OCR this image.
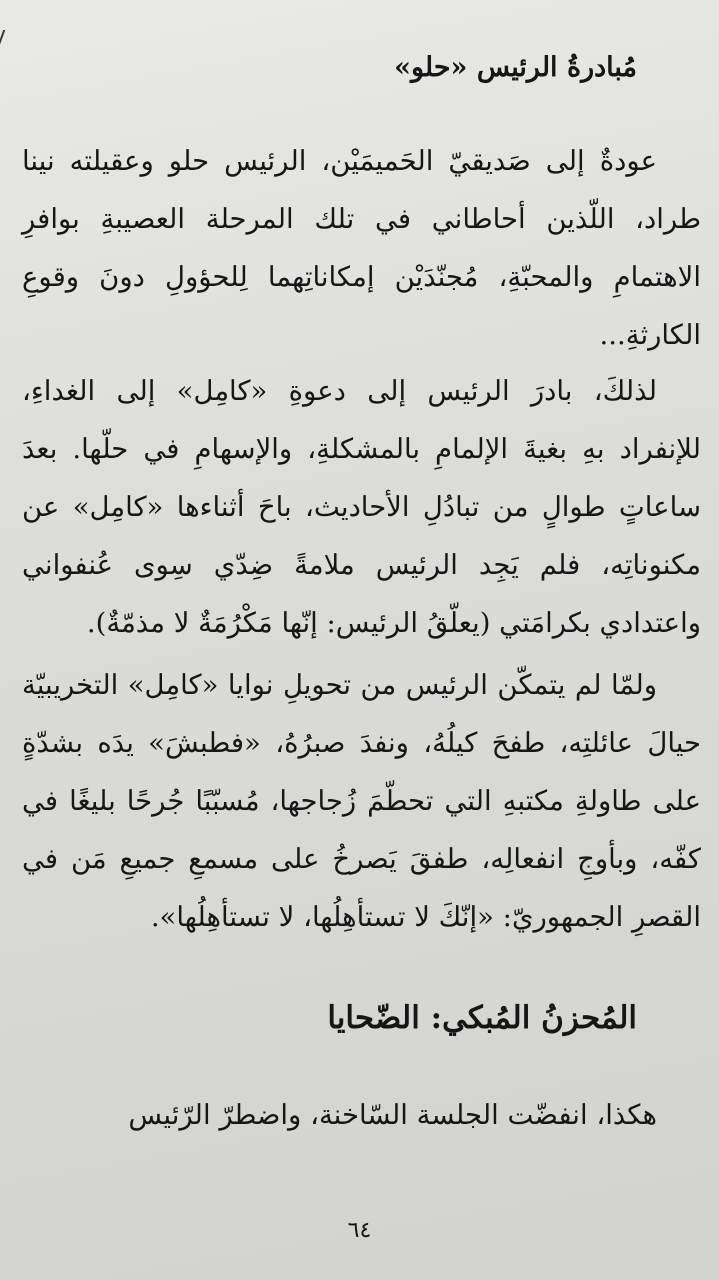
مُبادرةُ الرئيس «حلو»

عودةٌ إلى صَديقيّ الحَميمَيْن، الرئيس حلو وعقيلته نينا طراد، اللّذين أحاطاني في تلك المرحلة العصيبةِ بوافرِ الاهتمامِ والمحبّةِ، مُجنّدَيْن إمكاناتِهما لِلحؤولِ دونَ وقوعِ الكارثةِ...

لذلكَ، بادرَ الرئيس إلى دعوةِ «كامِل» إلى الغداءِ، للإنفراد بهِ بغيةَ الإلمامِ بالمشكلةِ، والإسهامِ في حلّها. بعدَ ساعاتٍ طوالٍ من تبادُلِ الأحاديث، باحَ أثناءها «كامِل» عن مكنوناتِه، فلم يَجِد الرئيس ملامةً ضِدّي سِوى عُنفواني واعتدادي بكرامَتي (يعلّقُ الرئيس: إنّها مَكْرُمَةٌ لا مذمّةٌ).

ولمّا لم يتمكّن الرئيس من تحويلِ نوايا «كامِل» التخريبيّة حيالَ عائلتِه، طفحَ كيلُهُ، ونفدَ صبرُهُ، «فطبشَ» يدَه بشدّةٍ على طاولةِ مكتبهِ التي تحطّمَ زُجاجها، مُسبّبًا جُرحًا بليغًا في كفّه، وبأوجِ انفعالِه، طفقَ يَصرخُ على مسمعِ جميعِ مَن في القصرِ الجمهوريّ: «إنّكَ لا تستأهِلُها، لا تستأهِلُها».

المُحزنُ المُبكي: الضّحايا

هكذا، انفضّت الجلسة السّاخنة، واضطرّ الرّئيس

٦٤
